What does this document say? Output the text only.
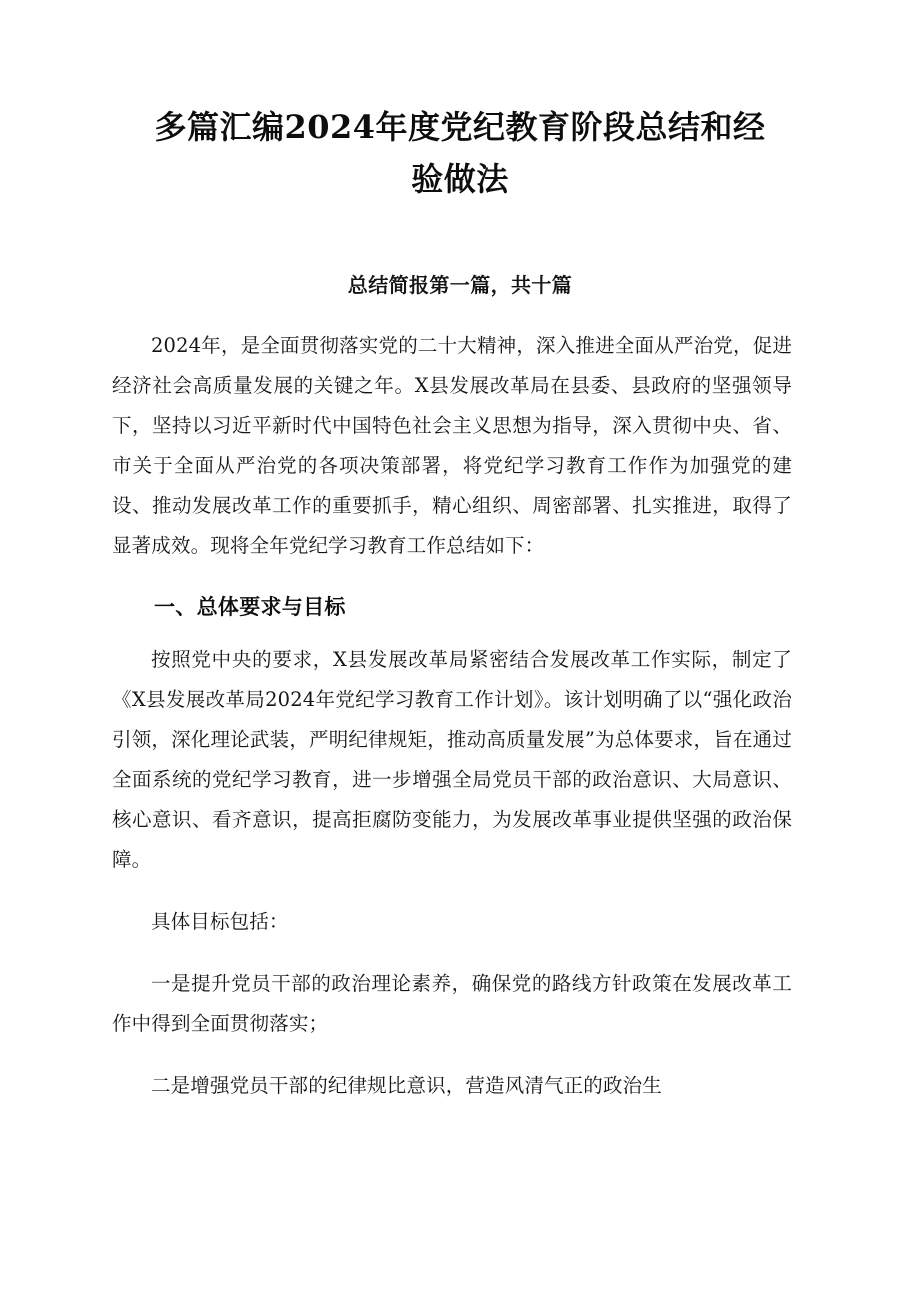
多篇汇编2024年度党纪教育阶段总结和经
验做法
总结简报第一篇，共十篇

2024年，是全面贯彻落实党的二十大精神，深入推进全面从严治党，促进经济社会高质量发展的关键之年。X县发展改革局在县委、县政府的坚强领导下，坚持以习近平新时代中国特色社会主义思想为指导，深入贯彻中央、省、市关于全面从严治党的各项决策部署，将党纪学习教育工作作为加强党的建设、推动发展改革工作的重要抓手，精心组织、周密部署、扎实推进，取得了显著成效。现将全年党纪学习教育工作总结如下：

一、总体要求与目标

按照党中央的要求，X县发展改革局紧密结合发展改革工作实际，制定了《X县发展改革局2024年党纪学习教育工作计划》。该计划明确了以“强化政治引领，深化理论武装，严明纪律规矩，推动高质量发展”为总体要求，旨在通过全面系统的党纪学习教育，进一步增强全局党员干部的政治意识、大局意识、核心意识、看齐意识，提高拒腐防变能力，为发展改革事业提供坚强的政治保障。

具体目标包括：

一是提升党员干部的政治理论素养，确保党的路线方针政策在发展改革工作中得到全面贯彻落实；

二是增强党员干部的纪律规比意识，营造风清气正的政治生
